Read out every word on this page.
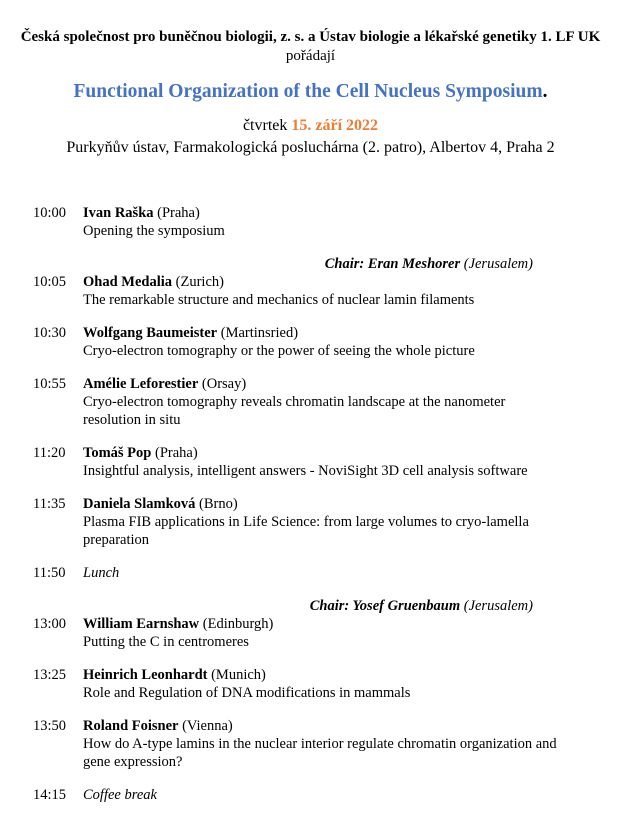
Česká společnost pro buněčnou biologii, z. s. a Ústav biologie a lékařské genetiky 1. LF UK
pořádají
Functional Organization of the Cell Nucleus Symposium.
čtvrtek 15. září 2022
Purkyňův ústav, Farmakologická posluchárna (2. patro), Albertov 4, Praha 2
10:00	Ivan Raška (Praha)
Opening the symposium
Chair: Eran Meshorer (Jerusalem)
10:05	Ohad Medalia (Zurich)
The remarkable structure and mechanics of nuclear lamin filaments
10:30	Wolfgang Baumeister (Martinsried)
Cryo-electron tomography or the power of seeing the whole picture
10:55	Amélie Leforestier (Orsay)
Cryo-electron tomography reveals chromatin landscape at the nanometer resolution in situ
11:20	Tomáš Pop (Praha)
Insightful analysis, intelligent answers - NoviSight 3D cell analysis software
11:35	Daniela Slamková (Brno)
Plasma FIB applications in Life Science: from large volumes to cryo-lamella preparation
11:50	Lunch
Chair: Yosef Gruenbaum (Jerusalem)
13:00	William Earnshaw (Edinburgh)
Putting the C in centromeres
13:25	Heinrich Leonhardt (Munich)
Role and Regulation of DNA modifications in mammals
13:50	Roland Foisner (Vienna)
How do A-type lamins in the nuclear interior regulate chromatin organization and gene expression?
14:15	Coffee break
